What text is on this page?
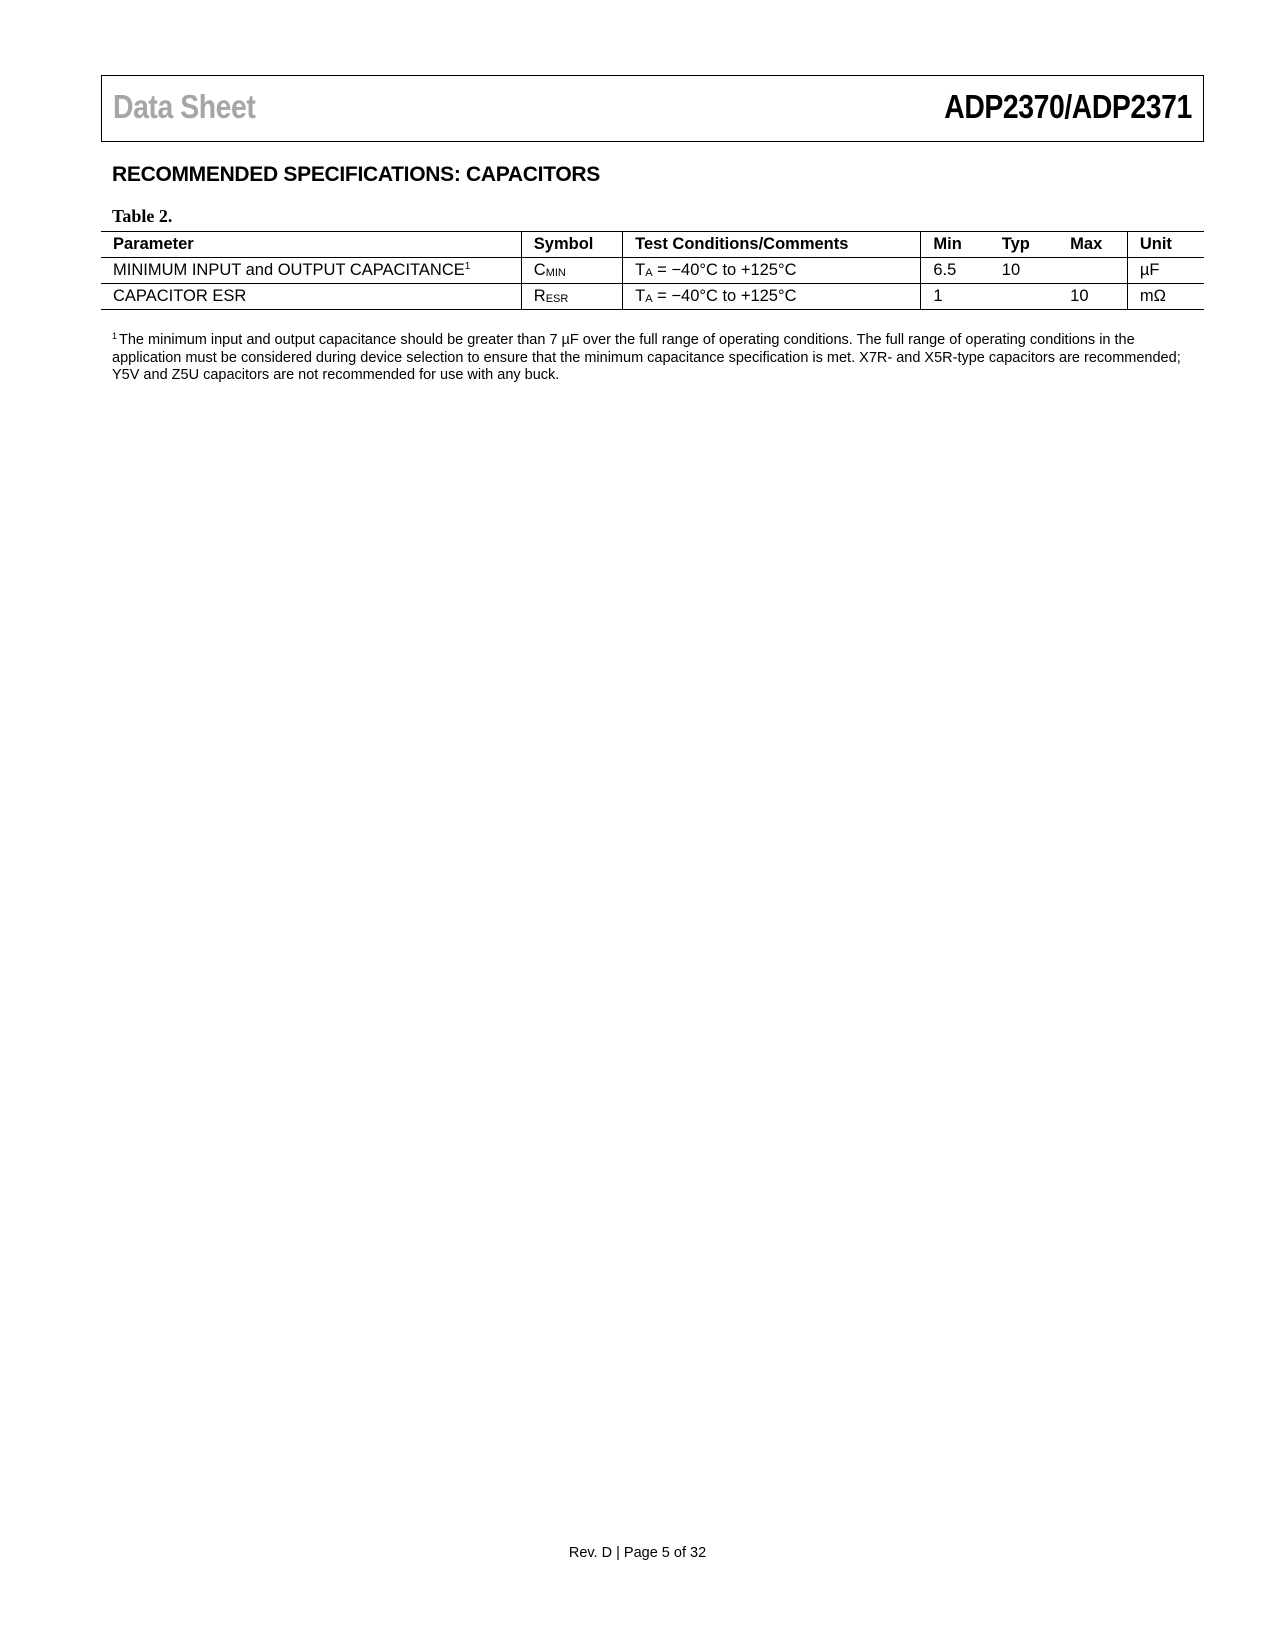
Data Sheet	ADP2370/ADP2371
RECOMMENDED SPECIFICATIONS: CAPACITORS
Table 2.
Parameter	Symbol	Test Conditions/Comments	Min	Typ	Max	Unit
MINIMUM INPUT and OUTPUT CAPACITANCE$^1$	CMIN	TA = −40°C to +125°C	6.5	10		µF
CAPACITOR ESR	RESR	TA = −40°C to +125°C	1		10	mΩ
$^1$ The minimum input and output capacitance should be greater than 7 µF over the full range of operating conditions. The full range of operating conditions in the application must be considered during device selection to ensure that the minimum capacitance specification is met. X7R- and X5R-type capacitors are recommended; Y5V and Z5U capacitors are not recommended for use with any buck.
Rev. D | Page 5 of 32
